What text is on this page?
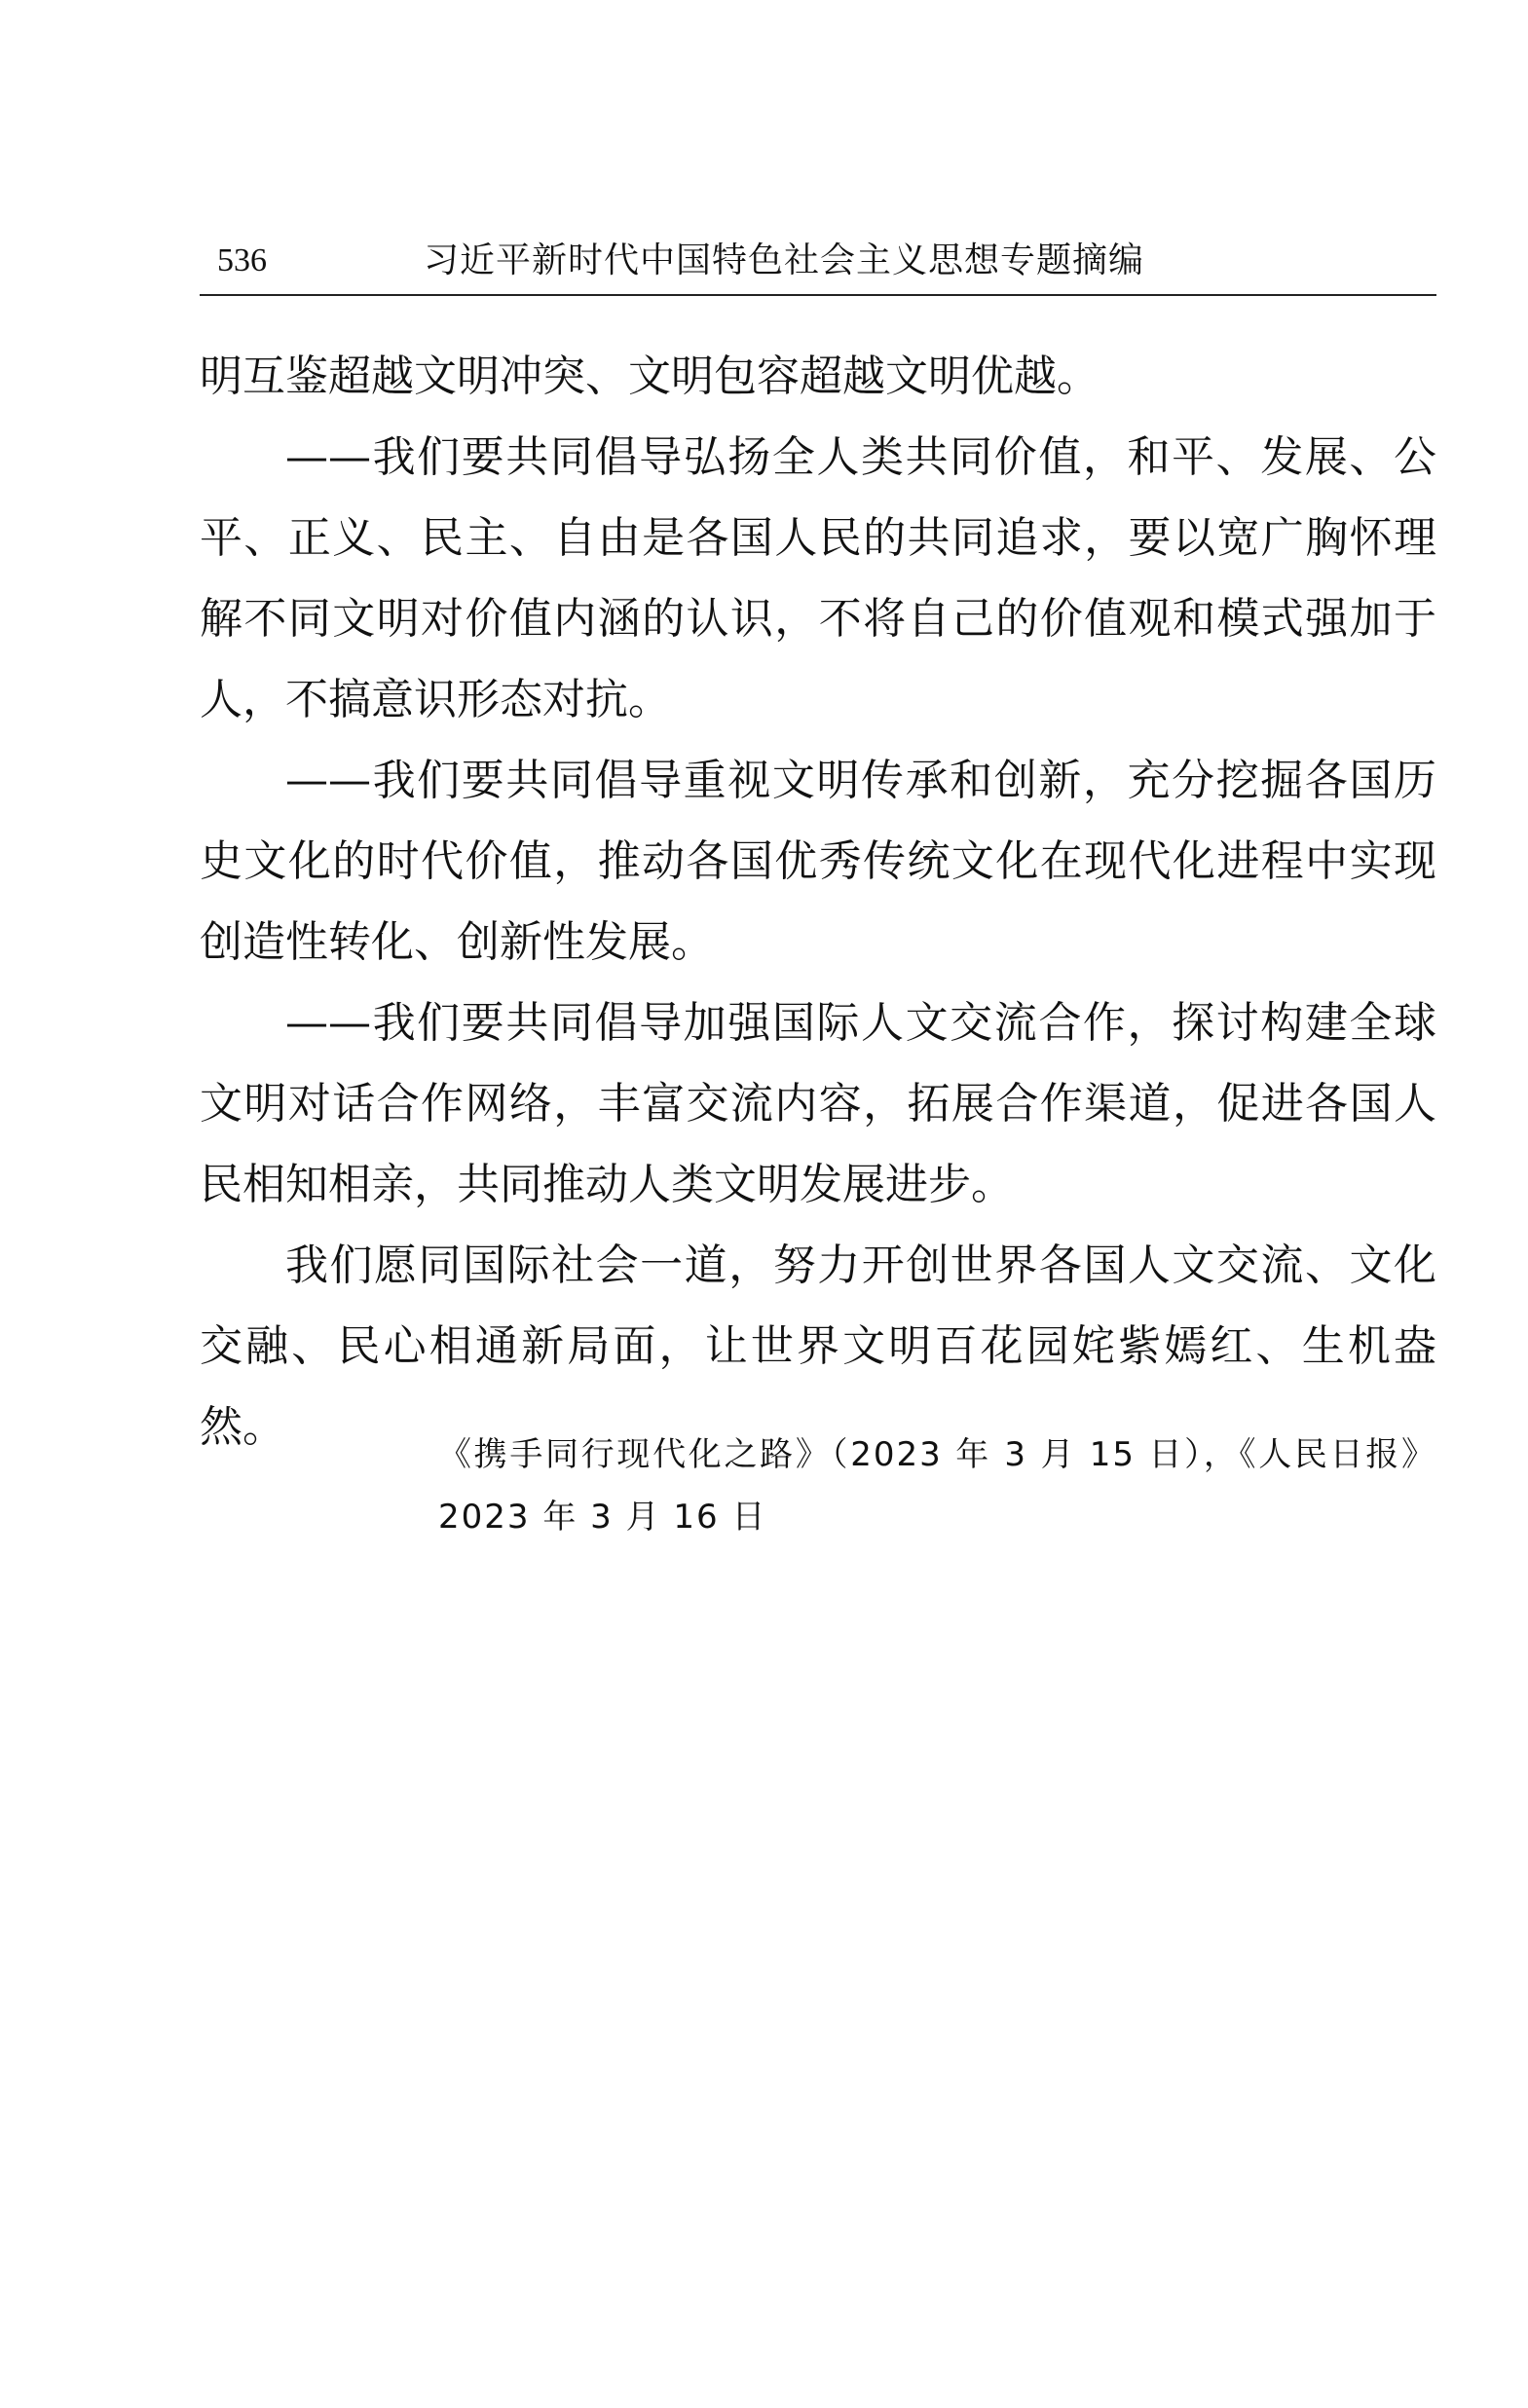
536	习近平新时代中国特色社会主义思想专题摘编

明互鉴超越文明冲突、文明包容超越文明优越。

——我们要共同倡导弘扬全人类共同价值，和平、发展、公平、正义、民主、自由是各国人民的共同追求，要以宽广胸怀理解不同文明对价值内涵的认识，不将自己的价值观和模式强加于人，不搞意识形态对抗。

——我们要共同倡导重视文明传承和创新，充分挖掘各国历史文化的时代价值，推动各国优秀传统文化在现代化进程中实现创造性转化、创新性发展。

——我们要共同倡导加强国际人文交流合作，探讨构建全球文明对话合作网络，丰富交流内容，拓展合作渠道，促进各国人民相知相亲，共同推动人类文明发展进步。

我们愿同国际社会一道，努力开创世界各国人文交流、文化交融、民心相通新局面，让世界文明百花园姹紫嫣红、生机盎然。

《携手同行现代化之路》（2023 年 3 月 15 日），《人民日报》2023 年 3 月 16 日
